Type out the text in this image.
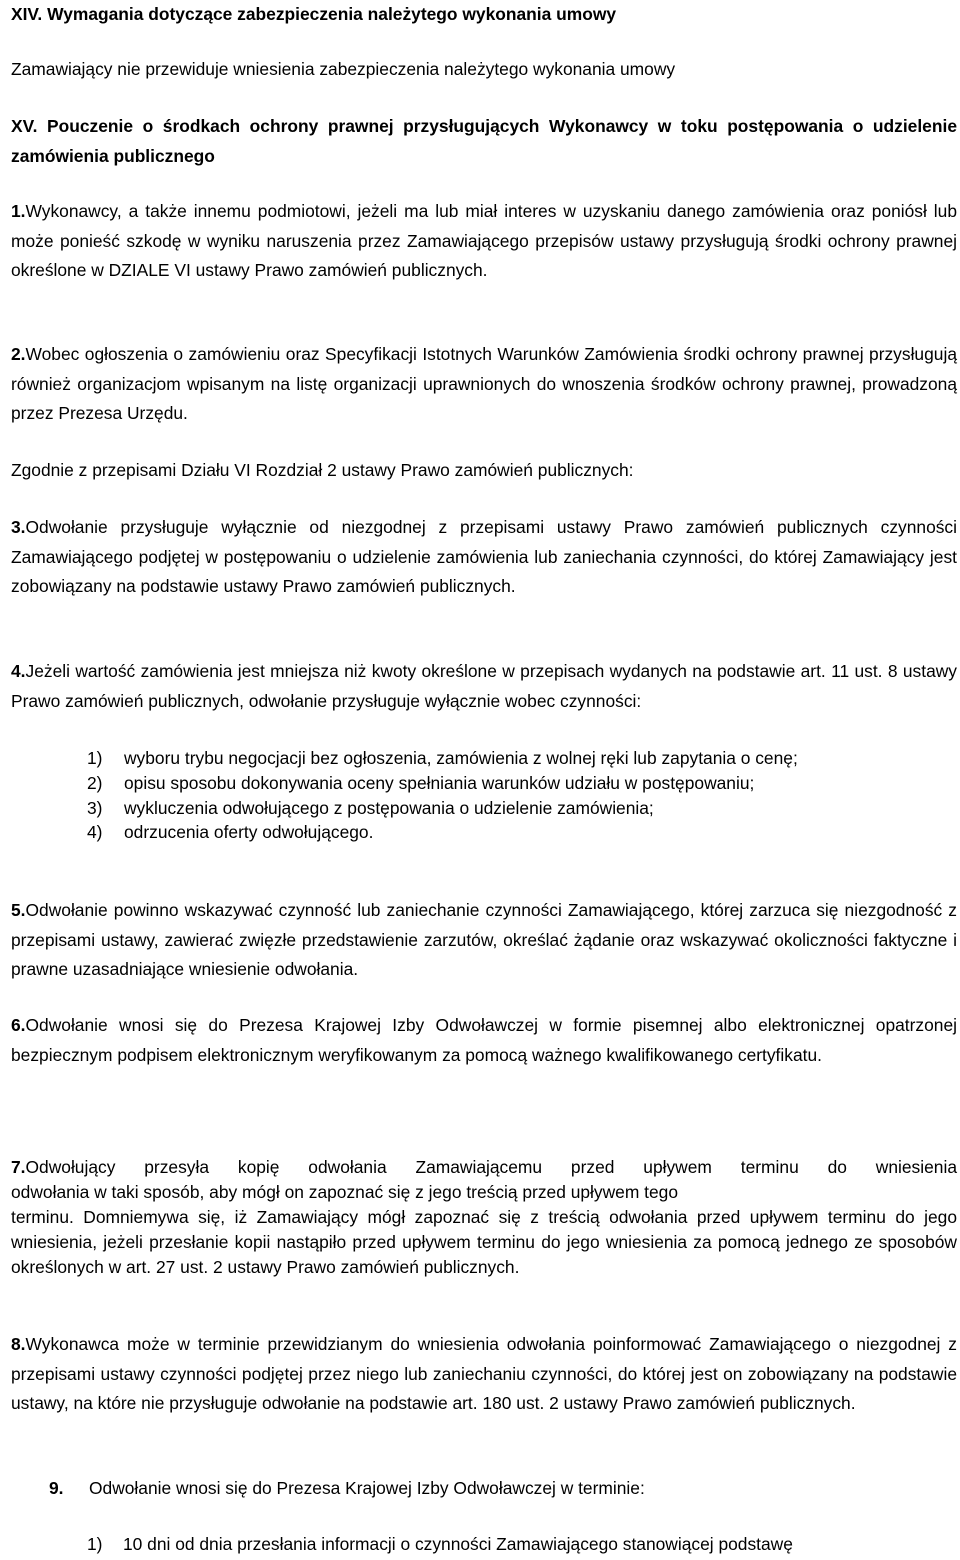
XIV. Wymagania dotyczące zabezpieczenia należytego wykonania umowy

Zamawiający nie przewiduje wniesienia zabezpieczenia należytego wykonania umowy

XV. Pouczenie o środkach ochrony prawnej przysługujących Wykonawcy w toku postępowania o udzielenie zamówienia publicznego

1.Wykonawcy, a także innemu podmiotowi, jeżeli ma lub miał interes w uzyskaniu danego zamówienia oraz poniósł lub może ponieść szkodę w wyniku naruszenia przez Zamawiającego przepisów ustawy przysługują środki ochrony prawnej określone w DZIALE VI ustawy Prawo zamówień publicznych.

2.Wobec ogłoszenia o zamówieniu oraz Specyfikacji Istotnych Warunków Zamówienia środki ochrony prawnej przysługują również organizacjom wpisanym na listę organizacji uprawnionych do wnoszenia środków ochrony prawnej, prowadzoną przez Prezesa Urzędu.

Zgodnie z przepisami Działu VI Rozdział 2 ustawy Prawo zamówień publicznych:

3.Odwołanie przysługuje wyłącznie od niezgodnej z przepisami ustawy Prawo zamówień publicznych czynności Zamawiającego podjętej w postępowaniu o udzielenie zamówienia lub zaniechania czynności, do której Zamawiający jest zobowiązany na podstawie ustawy Prawo zamówień publicznych.

4.Jeżeli wartość zamówienia jest mniejsza niż kwoty określone w przepisach wydanych na podstawie art. 11 ust. 8 ustawy Prawo zamówień publicznych, odwołanie przysługuje wyłącznie wobec czynności:

1) wyboru trybu negocjacji bez ogłoszenia, zamówienia z wolnej ręki lub zapytania o cenę;
2) opisu sposobu dokonywania oceny spełniania warunków udziału w postępowaniu;
3) wykluczenia odwołującego z postępowania o udzielenie zamówienia;
4) odrzucenia oferty odwołującego.

5.Odwołanie powinno wskazywać czynność lub zaniechanie czynności Zamawiającego, której zarzuca się niezgodność z przepisami ustawy, zawierać zwięzłe przedstawienie zarzutów, określać żądanie oraz wskazywać okoliczności faktyczne i prawne uzasadniające wniesienie odwołania.

6.Odwołanie wnosi się do Prezesa Krajowej Izby Odwoławczej w formie pisemnej albo elektronicznej opatrzonej bezpiecznym podpisem elektronicznym weryfikowanym za pomocą ważnego kwalifikowanego certyfikatu.

7.Odwołujący przesyła kopię odwołania Zamawiającemu przed upływem terminu do wniesienia
odwołania w taki sposób, aby mógł on zapoznać się z jego treścią przed upływem tego
terminu. Domniemywa się, iż Zamawiający mógł zapoznać się z treścią odwołania przed upływem terminu do jego wniesienia, jeżeli przesłanie kopii nastąpiło przed upływem terminu do jego wniesienia za pomocą jednego ze sposobów określonych w art. 27 ust. 2 ustawy Prawo zamówień publicznych.

8.Wykonawca może w terminie przewidzianym do wniesienia odwołania poinformować Zamawiającego o niezgodnej z przepisami ustawy czynności podjętej przez niego lub zaniechaniu czynności, do której jest on zobowiązany na podstawie ustawy, na które nie przysługuje odwołanie na podstawie art. 180 ust. 2 ustawy Prawo zamówień publicznych.

9. Odwołanie wnosi się do Prezesa Krajowej Izby Odwoławczej w terminie:
1) 10 dni od dnia przesłania informacji o czynności Zamawiającego stanowiącej podstawę
